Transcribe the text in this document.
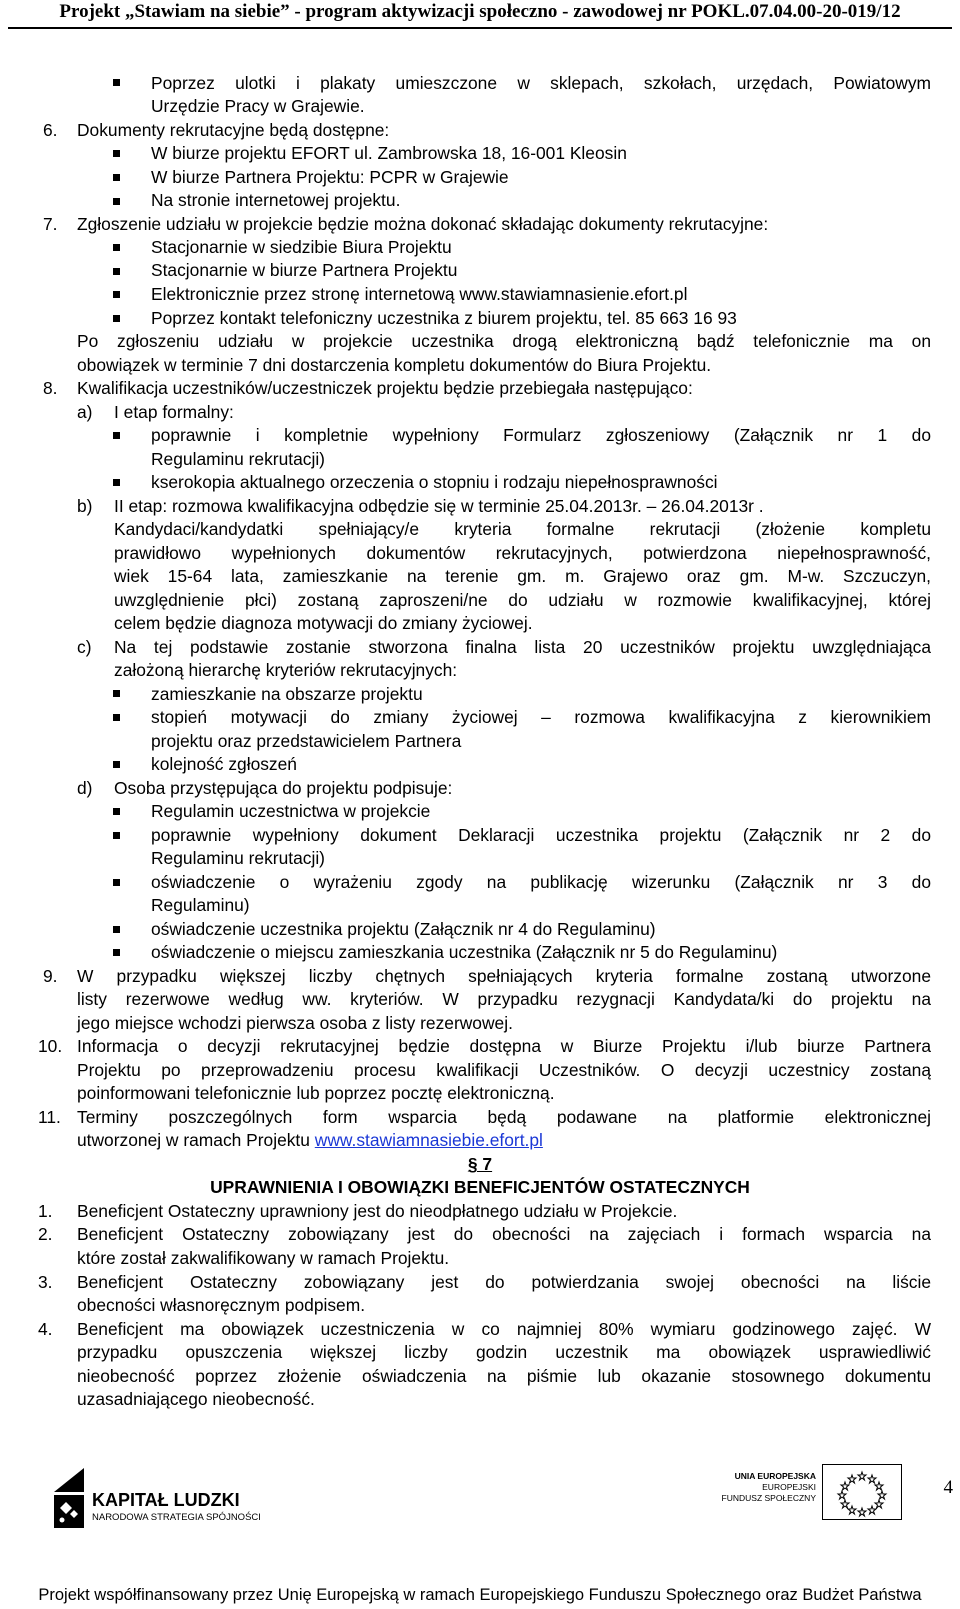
Projekt „Stawiam na siebie” - program aktywizacji społeczno - zawodowej nr POKL.07.04.00-20-019/12
Poprzez ulotki i plakaty umieszczone w sklepach, szkołach, urzędach, Powiatowym
Urzędzie Pracy w Grajewie.
6. Dokumenty rekrutacyjne będą dostępne:
W biurze projektu EFORT ul. Zambrowska 18, 16-001 Kleosin
W biurze Partnera Projektu: PCPR w Grajewie
Na stronie internetowej projektu.
7. Zgłoszenie udziału w projekcie będzie można dokonać składając dokumenty rekrutacyjne:
Stacjonarnie w siedzibie Biura Projektu
Stacjonarnie w biurze Partnera Projektu
Elektronicznie przez stronę internetową www.stawiamnasienie.efort.pl
Poprzez kontakt telefoniczny uczestnika z biurem projektu, tel. 85 663 16 93
Po zgłoszeniu udziału w projekcie uczestnika drogą elektroniczną bądź telefonicznie ma on
obowiązek w terminie 7 dni dostarczenia kompletu dokumentów do Biura Projektu.
8. Kwalifikacja uczestników/uczestniczek projektu będzie przebiegała następująco:
a) I etap formalny:
poprawnie i kompletnie wypełniony Formularz zgłoszeniowy (Załącznik nr 1 do
Regulaminu rekrutacji)
kserokopia aktualnego orzeczenia o stopniu i rodzaju niepełnosprawności
b) II etap: rozmowa kwalifikacyjna odbędzie się w terminie 25.04.2013r. – 26.04.2013r .
Kandydaci/kandydatki spełniający/e kryteria formalne rekrutacji (złożenie kompletu
prawidłowo wypełnionych dokumentów rekrutacyjnych, potwierdzona niepełnosprawność,
wiek 15-64 lata, zamieszkanie na terenie gm. m. Grajewo oraz gm. M-w. Szczuczyn,
uwzględnienie płci) zostaną zaproszeni/ne do udziału w rozmowie kwalifikacyjnej, której
celem będzie diagnoza motywacji do zmiany życiowej.
c) Na tej podstawie zostanie stworzona finalna lista 20 uczestników projektu uwzględniająca
założoną hierarchę kryteriów rekrutacyjnych:
zamieszkanie na obszarze projektu
stopień motywacji do zmiany życiowej – rozmowa kwalifikacyjna z kierownikiem
projektu oraz przedstawicielem Partnera
kolejność zgłoszeń
d) Osoba przystępująca do projektu podpisuje:
Regulamin uczestnictwa w projekcie
poprawnie wypełniony dokument Deklaracji uczestnika projektu (Załącznik nr 2 do
Regulaminu rekrutacji)
oświadczenie o wyrażeniu zgody na publikację wizerunku (Załącznik nr 3 do
Regulaminu)
oświadczenie uczestnika projektu (Załącznik nr 4 do Regulaminu)
oświadczenie o miejscu zamieszkania uczestnika (Załącznik nr 5 do Regulaminu)
9. W przypadku większej liczby chętnych spełniających kryteria formalne zostaną utworzone
listy rezerwowe według ww. kryteriów. W przypadku rezygnacji Kandydata/ki do projektu na
jego miejsce wchodzi pierwsza osoba z listy rezerwowej.
10. Informacja o decyzji rekrutacyjnej będzie dostępna w Biurze Projektu i/lub biurze Partnera
Projektu po przeprowadzeniu procesu kwalifikacji Uczestników. O decyzji uczestnicy zostaną
poinformowani telefonicznie lub poprzez pocztę elektroniczną.
11. Terminy poszczególnych form wsparcia będą podawane na platformie elektronicznej
utworzonej w ramach Projektu www.stawiamnasiebie.efort.pl
§ 7
UPRAWNIENIA I OBOWIĄZKI BENEFICJENTÓW OSTATECZNYCH
1. Beneficjent Ostateczny uprawniony jest do nieodpłatnego udziału w Projekcie.
2. Beneficjent Ostateczny zobowiązany jest do obecności na zajęciach i formach wsparcia na
które został zakwalifikowany w ramach Projektu.
3. Beneficjent Ostateczny zobowiązany jest do potwierdzania swojej obecności na liście
obecności własnoręcznym podpisem.
4. Beneficjent ma obowiązek uczestniczenia w co najmniej 80% wymiaru godzinowego zajęć. W
przypadku opuszczenia większej liczby godzin uczestnik ma obowiązek usprawiedliwić
nieobecność poprzez złożenie oświadczenia na piśmie lub okazanie stosownego dokumentu
uzasadniającego nieobecność.
4
KAPITAŁ LUDZKI
NARODOWA STRATEGIA SPÓJNOŚCI
UNIA EUROPEJSKA
EUROPEJSKI
FUNDUSZ SPOŁECZNY
Projekt współfinansowany przez Unię Europejską w ramach Europejskiego Funduszu Społecznego oraz Budżet Państwa
